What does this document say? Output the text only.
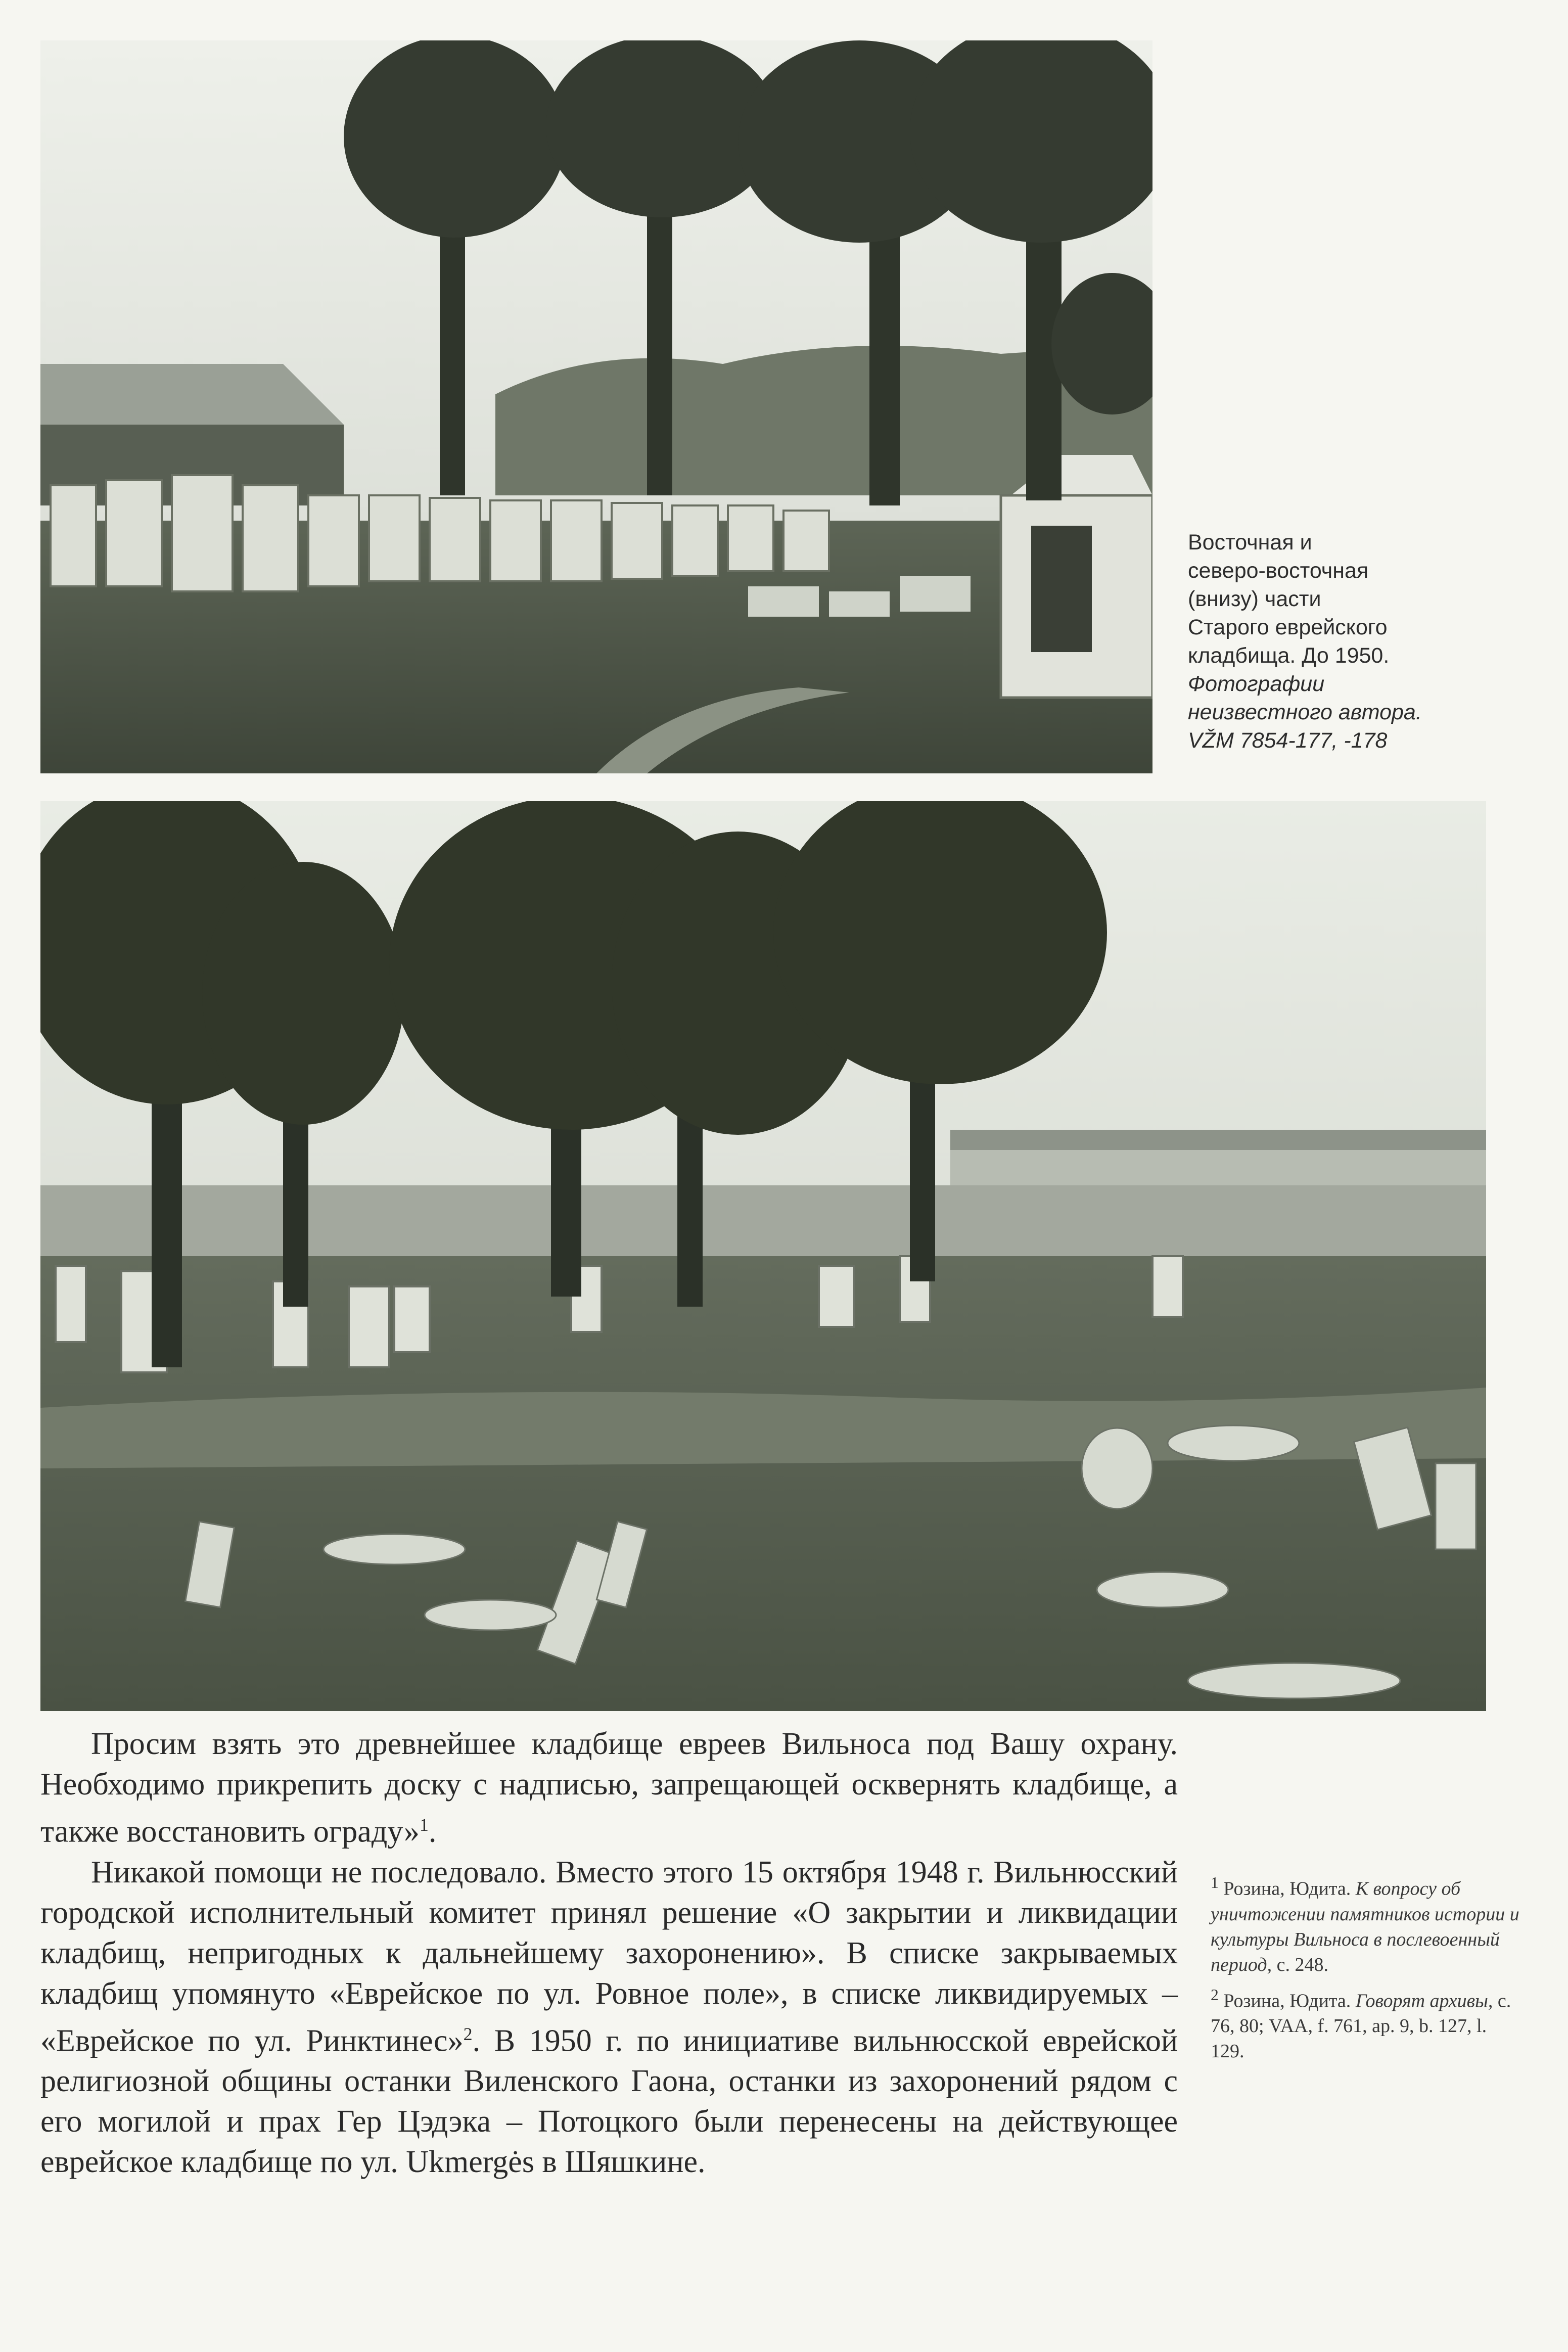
Восточная и
северо-восточная
(внизу) части
Старого еврейского
кладбища. До 1950.
Фотографии
неизвестного автора.
VŽM 7854-177, -178

Просим взять это древнейшее кладбище евреев Вильноса под Вашу охрану. Необходимо прикрепить доску с надписью, запрещающей осквернять кладбище, а также восстановить ограду»$^1$.

Никакой помощи не последовало. Вместо этого 15 октября 1948 г. Вильнюсский городской исполнительный комитет принял решение «О закрытии и ликвидации кладбищ, непригодных к дальнейшему захоронению». В списке закрываемых кладбищ упомянуто «Еврейское по ул. Ровное поле», в списке ликвидируемых – «Еврейское по ул. Ринктинес»$^2$. В 1950 г. по инициативе вильнюсской еврейской религиозной общины останки Виленского Гаона, останки из захоронений рядом с его могилой и прах Гер Цэдэка – Потоцкого были перенесены на действующее еврейское кладбище по ул. Ukmergės в Шяшкине.

$^1$ Розина, Юдита. К вопросу об уничтожении памятников истории и культуры Вильноса в послевоенный период, с. 248.

$^2$ Розина, Юдита. Говорят архивы, с. 76, 80; VAA, f. 761, ap. 9, b. 127, l. 129.
